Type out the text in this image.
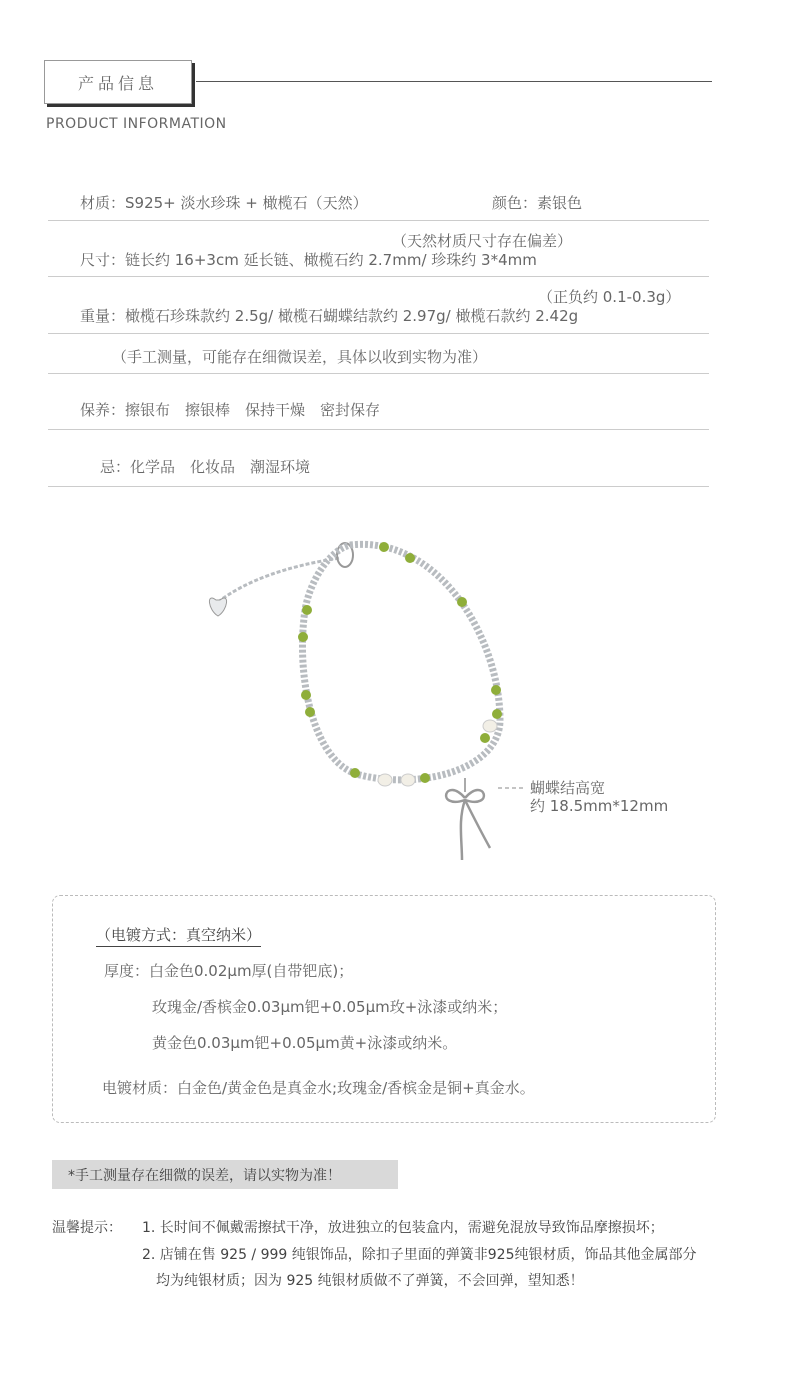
产品信息
PRODUCT INFORMATION
材质：S925+ 淡水珍珠 + 橄榄石（天然）	颜色：素银色
（天然材质尺寸存在偏差）
尺寸：链长约 16+3cm 延长链、橄榄石约 2.7mm/ 珍珠约 3*4mm
（正负约 0.1-0.3g）
重量：橄榄石珍珠款约 2.5g/ 橄榄石蝴蝶结款约 2.97g/ 橄榄石款约 2.42g
（手工测量，可能存在细微误差，具体以收到实物为准）
保养：擦银布　擦银棒　保持干燥　密封保存
忌：化学品　化妆品　潮湿环境
蝴蝶结高宽
约 18.5mm*12mm
（电镀方式：真空纳米）
厚度：白金色0.02μm厚(自带钯底)；
玫瑰金/香槟金0.03μm钯+0.05μm玫+泳漆或纳米；
黄金色0.03μm钯+0.05μm黄+泳漆或纳米。
电镀材质：白金色/黄金色是真金水;玫瑰金/香槟金是铜+真金水。
*手工测量存在细微的误差，请以实物为准！
温馨提示： 1. 长时间不佩戴需擦拭干净，放进独立的包装盒内，需避免混放导致饰品摩擦损坏；
2. 店铺在售 925 / 999 纯银饰品，除扣子里面的弹簧非925纯银材质，饰品其他金属部分
均为纯银材质；因为 925 纯银材质做不了弹簧，不会回弹，望知悉！
